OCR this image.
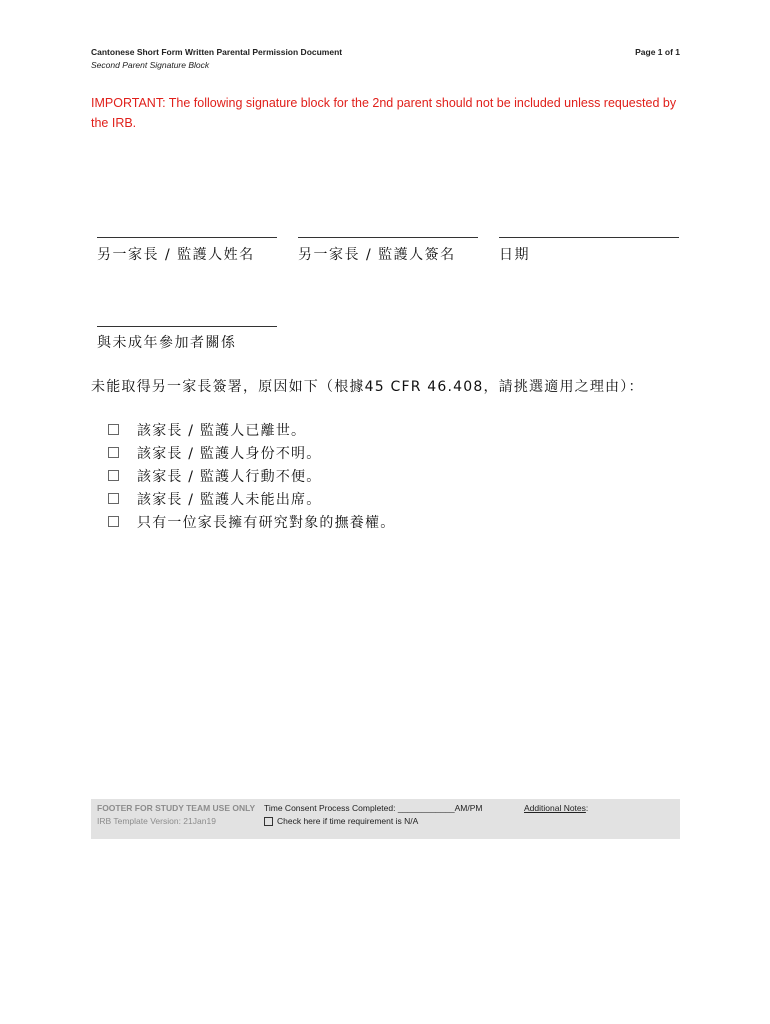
Cantonese Short Form Written Parental Permission Document
Second Parent Signature Block
Page 1 of 1
IMPORTANT: The following signature block for the 2nd parent should not be included unless requested by the IRB.
另一家長 / 監護人姓名	另一家長 / 監護人簽名	日期
與未成年參加者關係
未能取得另一家長簽署，原因如下（根據45 CFR 46.408，請挑選適用之理由）：
該家長 / 監護人已離世。
該家長 / 監護人身份不明。
該家長 / 監護人行動不便。
該家長 / 監護人未能出席。
只有一位家長擁有研究對象的撫養權。
FOOTER FOR STUDY TEAM USE ONLY
IRB Template Version: 21Jan19
Time Consent Process Completed: ____________AM/PM
Check here if time requirement is N/A
Additional Notes:
